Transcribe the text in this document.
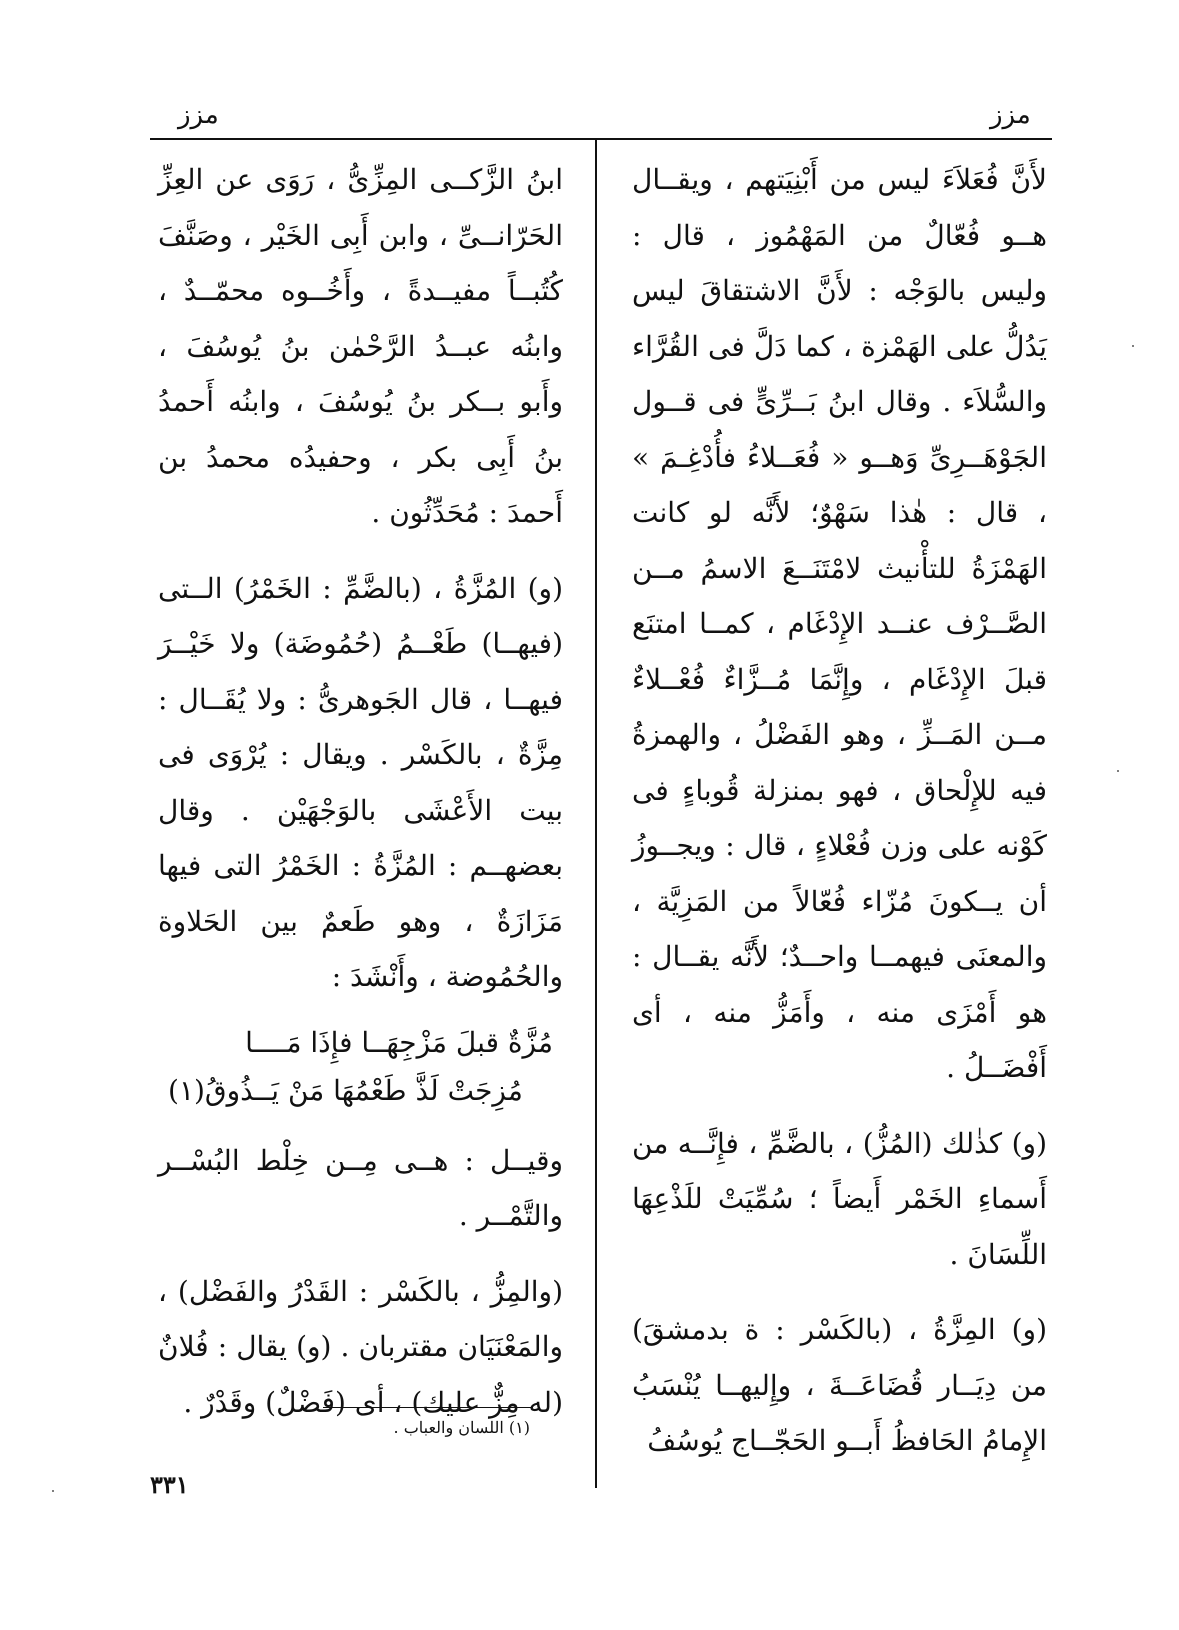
مزز
مزز

لأَنَّ فُعَلاَءَ ليس من أَبْنِيَتهم ، ويقــال هــو فُعّالٌ من المَهْمُوز ، قال : وليس بالوَجْه : لأَنَّ الاشتقاقَ ليس يَدُلُّ على الهَمْزة ، كما دَلَّ فى القُرَّاء والسُّلاَء . وقال ابنُ بَــرِّىٍّ فى قــول الجَوْهَــرِىِّ وَهــو « فُعَــلاءُ فأُدْغِـمَ » ، قال : هٰذا سَهْوٌ؛ لأَنَّه لو كانت الهَمْزَةُ للتأْنيث لامْتَنَــعَ الاسمُ مــن الصَّــرْف عنــد الإِدْغَام ، كمــا امتنَع قبلَ الإِدْغَام ، وإِنَّمَا مُــزَّاءٌ فُعْــلاءٌ مــن المَــزِّ ، وهو الفَضْلُ ، والهمزةُ فيه للإِلْحاق ، فهو بمنزلة قُوباءٍ فى كَوْنه على وزن فُعْلاءٍ ، قال : ويجــوزُ أن يــكونَ مُزّاء فُعّالاً من المَزِيَّة ، والمعنَى فيهمــا واحــدٌ؛ لأَنَّه يقــال : هو أَمْزَى منه ، وأَمَزُّ منه ، أى أَفْضَــلُ .

(و) كذٰلك (المُزُّ) ، بالضَّمِّ ، فإِنَّــه من أَسماءِ الخَمْر أَيضاً ؛ سُمِّيَتْ للَذْعِهَا اللِّسَانَ .

(و) المِزَّةُ ، (بالكَسْر : ة بدمشقَ) من دِيَــار قُضَاعَــةَ ، وإِليهــا يُنْسَبُ الإِمامُ الحَافظُ أَبــو الحَجّــاج يُوسُفُ

ابنُ الزَّكــى المِزِّىُّ ، رَوَى عن العِزِّ الحَرّانــىِّ ، وابن أَبِى الخَيْر ، وصَنَّفَ كُتُبــاً مفيــدةً ، وأَخُــوه محمّــدٌ ، وابنُه عبــدُ الرَّحْمٰن بنُ يُوسُفَ ، وأَبو بــكر بنُ يُوسُفَ ، وابنُه أَحمدُ بنُ أَبِى بكر ، وحفيدُه محمدُ بن أَحمدَ : مُحَدِّثُون .

(و) المُزَّةُ ، (بالضَّمِّ : الخَمْرُ) الــتى (فيهــا) طَعْــمُ (حُمُوضَة) ولا خَيْــرَ فيهــا ، قال الجَوهرىُّ : ولا يُقَــال : مِزَّةٌ ، بالكَسْر . ويقال : يُرْوَى فى بيت الأَعْشَى بالوَجْهَيْن . وقال بعضهــم : المُزَّةُ : الخَمْرُ التى فيها مَزَازَةٌ ، وهو طَعمٌ بين الحَلاوة والحُمُوضة ، وأَنْشَدَ :

مُزَّةٌ قبلَ مَزْجِهَــا فإِذَا مَــــا
مُزِجَتْ لَذَّ طَعْمُهَا مَنْ يَــذُوقُ(١)

وقيــل : هــى مِــن خِلْط البُسْــر والتَّمْــر .

(والمِزُّ ، بالكَسْر : القَدْرُ والفَضْل) ، والمَعْنَيَان مقتربان . (و) يقال : فُلانٌ (له مِزٌّ عليك) ، أى (فَضْلٌ) وقَدْرٌ .

(١) اللسان والعباب .
٣٣١
